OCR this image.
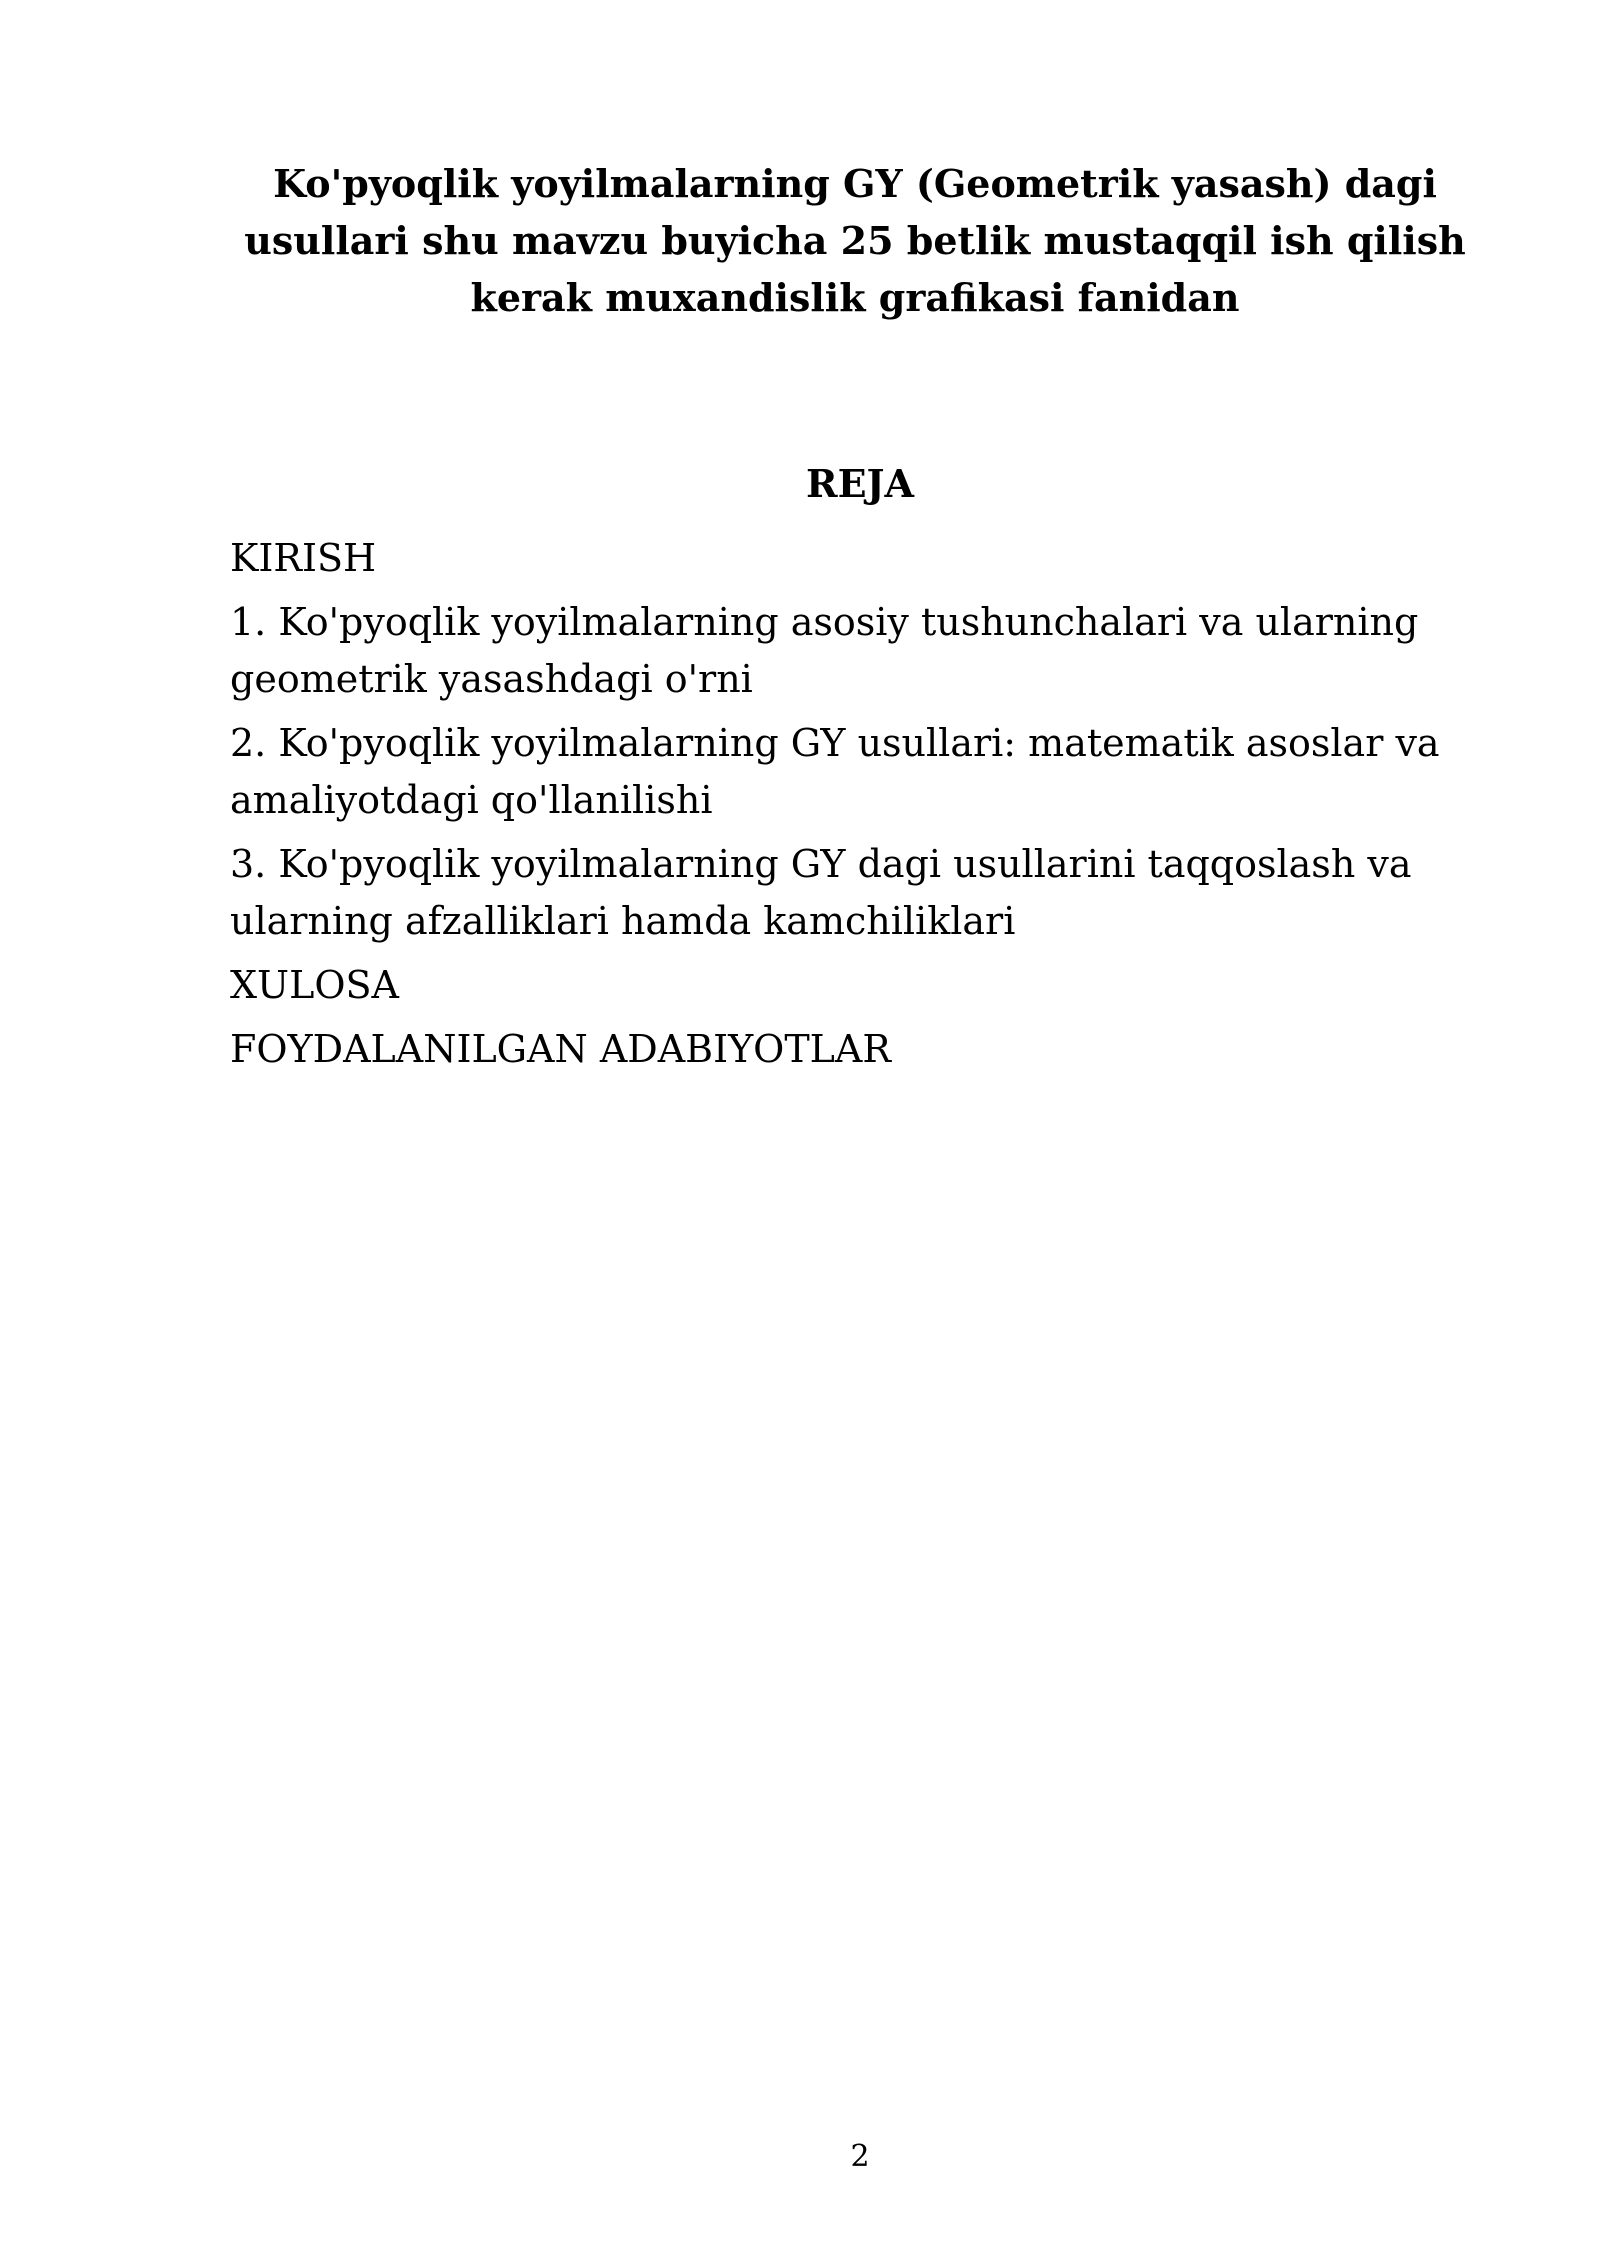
Ko'pyoqlik yoyilmalarning GY (Geometrik yasash) dagi
usullari shu mavzu buyicha 25 betlik mustaqqil ish qilish
kerak muxandislik grafikasi fanidan
REJA
KIRISH
1. Ko'pyoqlik yoyilmalarning asosiy tushunchalari va ularning
geometrik yasashdagi o'rni
2. Ko'pyoqlik yoyilmalarning GY usullari: matematik asoslar va
amaliyotdagi qo'llanilishi
3. Ko'pyoqlik yoyilmalarning GY dagi usullarini taqqoslash va
ularning afzalliklari hamda kamchiliklari
XULOSA
FOYDALANILGAN ADABIYOTLAR
2
